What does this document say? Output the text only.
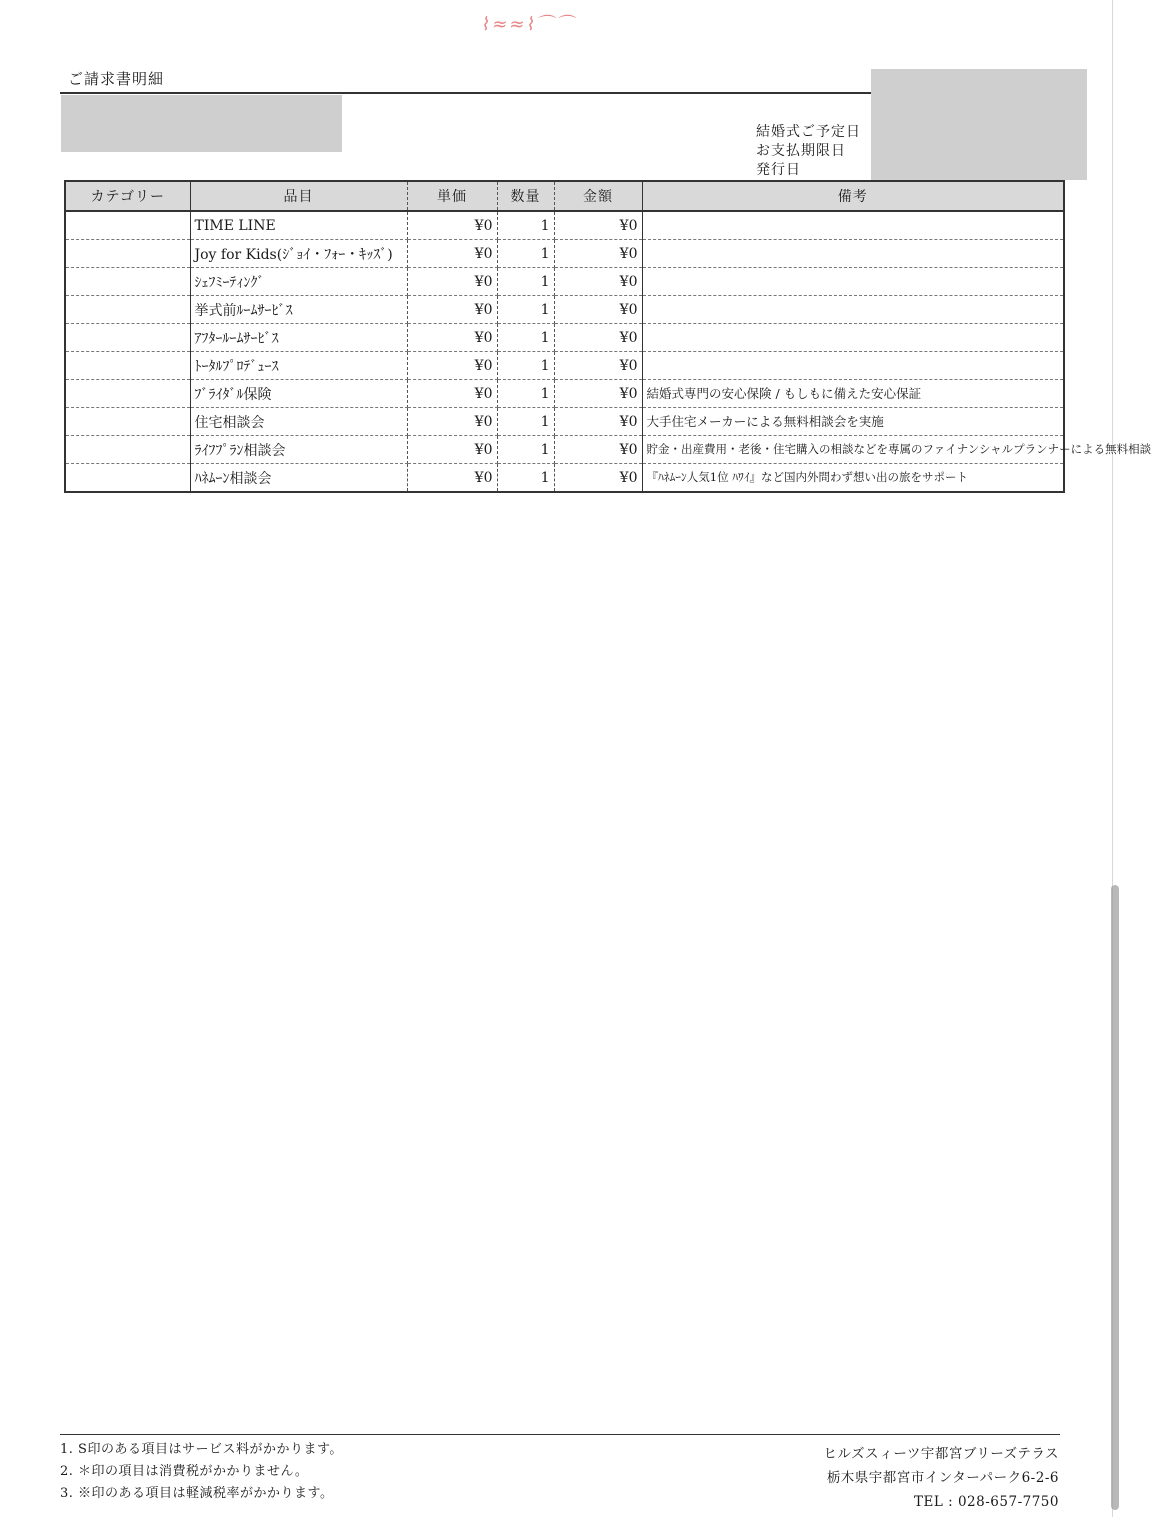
⌇≈≈⌇⌒⌒
ご請求書明細
結婚式ご予定日
お支払期限日
発行日
カテゴリー	品目	単価	数量	金額	備考
	TIME LINE	¥0	1	¥0	
	Joy for Kids(ｼﾞｮｲ・ﾌｫｰ・ｷｯｽﾞ)	¥0	1	¥0	
	ｼｪﾌﾐｰﾃｨﾝｸﾞ	¥0	1	¥0	
	挙式前ﾙｰﾑｻｰﾋﾞｽ	¥0	1	¥0	
	ｱﾌﾀｰﾙｰﾑｻｰﾋﾞｽ	¥0	1	¥0	
	ﾄｰﾀﾙﾌﾟﾛﾃﾞｭｰｽ	¥0	1	¥0	
	ﾌﾞﾗｲﾀﾞﾙ保険	¥0	1	¥0	結婚式専門の安心保険 / もしもに備えた安心保証
	住宅相談会	¥0	1	¥0	大手住宅メーカーによる無料相談会を実施
	ﾗｲﾌﾌﾟﾗﾝ相談会	¥0	1	¥0	貯金・出産費用・老後・住宅購入の相談などを専属のファイナンシャルプランナーによる無料相談
	ﾊﾈﾑｰﾝ相談会	¥0	1	¥0	『ﾊﾈﾑｰﾝ人気1位 ﾊﾜｲ』など国内外問わず想い出の旅をサポート
1. S印のある項目はサービス料がかかります。
2. ＊印の項目は消費税がかかりません。
3. ※印のある項目は軽減税率がかかります。
ヒルズスィーツ宇都宮ブリーズテラス
栃木県宇都宮市インターパーク6-2-6
TEL : 028-657-7750
